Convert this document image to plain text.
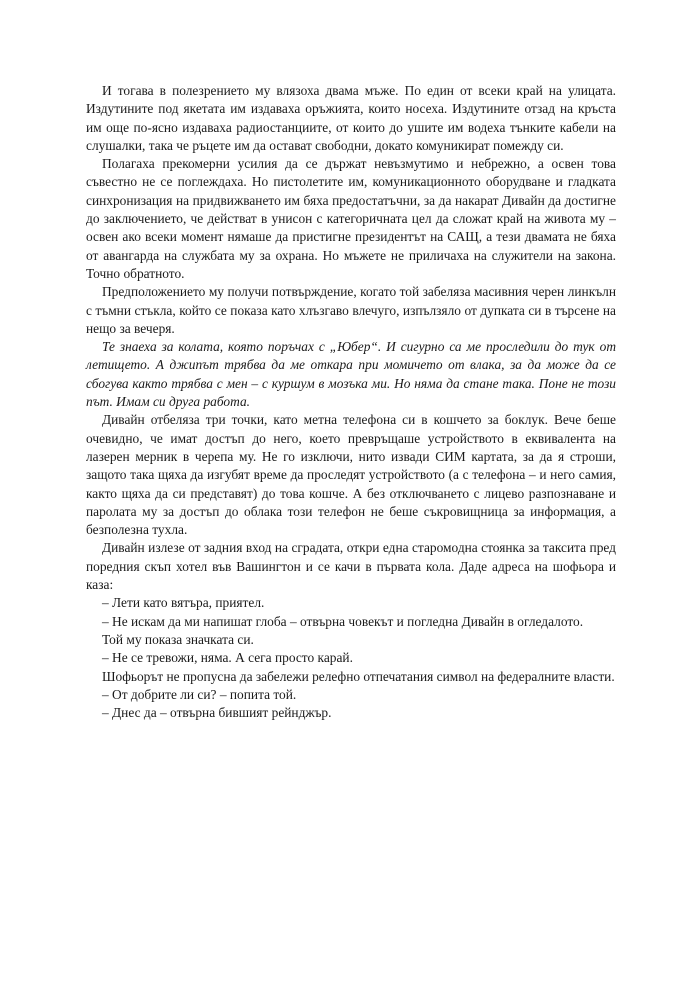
И тогава в полезрението му влязоха двама мъже. По един от всеки край на улицата. Издутините под якетата им издаваха оръжията, които носеха. Издутините отзад на кръста им още по-ясно издаваха радиостанциите, от които до ушите им водеха тънките кабели на слушалки, така че ръцете им да остават свободни, докато комуникират помежду си.

Полагаха прекомерни усилия да се държат невъзмутимо и небрежно, а освен това съвестно не се поглеждаха. Но пистолетите им, комуникационното оборудване и гладката синхронизация на придвижването им бяха предостатъчни, за да накарат Дивайн да достигне до заключението, че действат в унисон с категоричната цел да сложат край на живота му – освен ако всеки момент нямаше да пристигне президентът на САЩ, а тези двамата не бяха от авангарда на службата му за охрана. Но мъжете не приличаха на служители на закона. Точно обратното.

Предположението му получи потвърждение, когато той забеляза масивния черен линкълн с тъмни стъкла, който се показа като хлъзгаво влечуго, изпълзяло от дупката си в търсене на нещо за вечеря.

Те знаеха за колата, която поръчах с „Юбер“. И сигурно са ме проследили до тук от летището. А джипът трябва да ме откара при момичето от влака, за да може да се сбогува както трябва с мен – с куршум в мозъка ми. Но няма да стане така. Поне не този път. Имам си друга работа.

Дивайн отбеляза три точки, като метна телефона си в кошчето за боклук. Вече беше очевидно, че имат достъп до него, което превръщаше устройството в еквивалента на лазерен мерник в черепа му. Не го изключи, нито извади СИМ картата, за да я строши, защото така щяха да изгубят време да проследят устройството (а с телефона – и него самия, както щяха да си представят) до това кошче. А без отключването с лицево разпознаване и паролата му за достъп до облака този телефон не беше съкровищница за информация, а безполезна тухла.

Дивайн излезе от задния вход на сградата, откри една старомодна стоянка за таксита пред поредния скъп хотел във Вашингтон и се качи в първата кола. Даде адреса на шофьора и каза:

– Лети като вятъра, приятел.

– Не искам да ми напишат глоба – отвърна човекът и погледна Дивайн в огледалото.

Той му показа значката си.

– Не се тревожи, няма. А сега просто карай.

Шофьорът не пропусна да забележи релефно отпечатания символ на федералните власти.

– От добрите ли си? – попита той.

– Днес да – отвърна бившият рейнджър.
